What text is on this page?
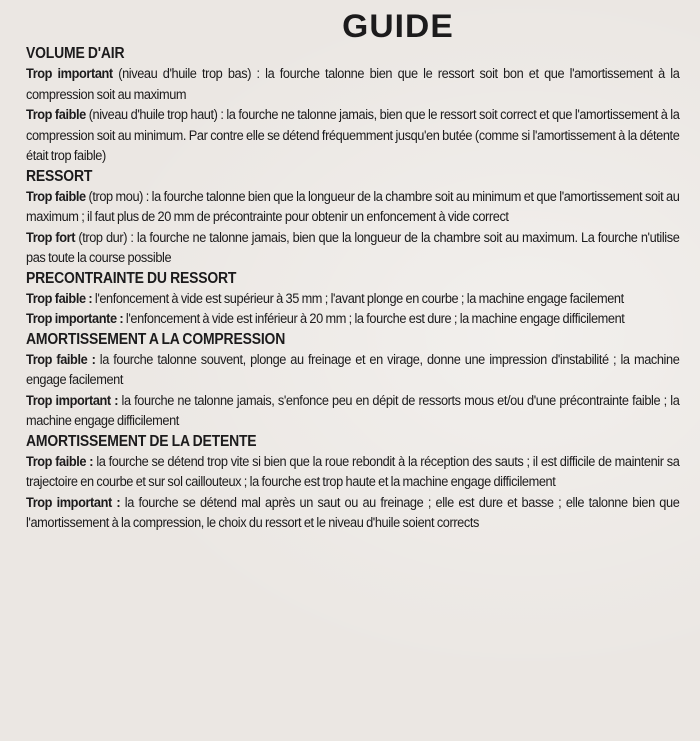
GUIDE
VOLUME D'AIR

Trop important (niveau d'huile trop bas) : la fourche talonne bien que le ressort soit bon et que l'amortissement à la compression soit au maximum

Trop faible (niveau d'huile trop haut) : la fourche ne talonne jamais, bien que le ressort soit correct et que l'amortissement à la compression soit au minimum. Par contre elle se détend fréquemment jusqu'en butée (comme si l'amortissement à la détente était trop faible)

RESSORT

Trop faible (trop mou) : la fourche talonne bien que la longueur de la chambre soit au minimum et que l'amortissement soit au maximum ; il faut plus de 20 mm de précontrainte pour obtenir un enfoncement à vide correct

Trop fort (trop dur) : la fourche ne talonne jamais, bien que la longueur de la chambre soit au maximum. La fourche n'utilise pas toute la course possible

PRECONTRAINTE DU RESSORT

Trop faible : l'enfoncement à vide est supérieur à 35 mm ; l'avant plonge en courbe ; la machine engage facilement

Trop importante : l'enfoncement à vide est inférieur à 20 mm ; la fourche est dure ; la machine engage difficilement

AMORTISSEMENT A LA COMPRESSION

Trop faible : la fourche talonne souvent, plonge au freinage et en virage, donne une impression d'instabilité ; la machine engage facilement

Trop important : la fourche ne talonne jamais, s'enfonce peu en dépit de ressorts mous et/ou d'une précontrainte faible ; la machine engage difficilement

AMORTISSEMENT DE LA DETENTE

Trop faible : la fourche se détend trop vite si bien que la roue rebondit à la réception des sauts ; il est difficile de maintenir sa trajectoire en courbe et sur sol caillouteux ; la fourche est trop haute et la machine engage difficilement

Trop important : la fourche se détend mal après un saut ou au freinage ; elle est dure et basse ; elle talonne bien que l'amortissement à la compression, le choix du ressort et le niveau d'huile soient corrects
